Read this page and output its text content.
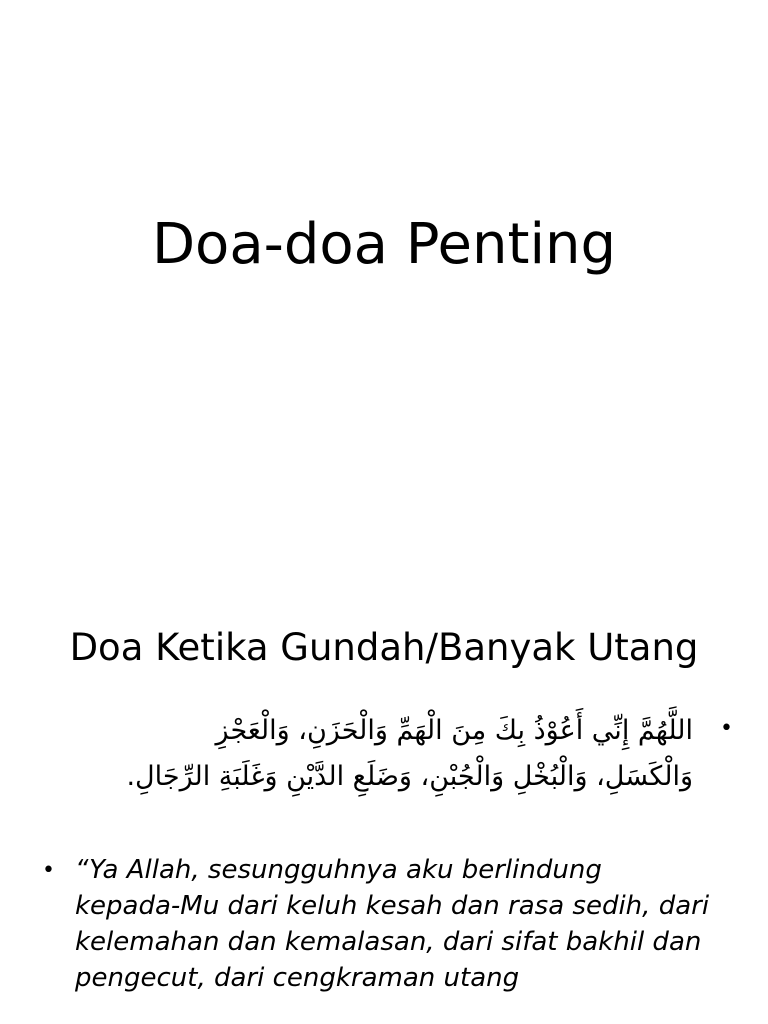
Doa-doa Penting
Doa Ketika Gundah/Banyak Utang
•

اللَّهُمَّ إِنِّي أَعُوْذُ بِكَ مِنَ الْهَمِّ وَالْحَزَنِ، وَالْعَجْزِ وَالْكَسَلِ، وَالْبُخْلِ وَالْجُبْنِ، وَضَلَعِ الدَّيْنِ وَغَلَبَةِ الرِّجَالِ.

• “Ya Allah, sesungguhnya aku berlindung kepada-Mu dari keluh kesah dan rasa sedih, dari kelemahan dan kemalasan, dari sifat bakhil dan pengecut, dari cengkraman utang
